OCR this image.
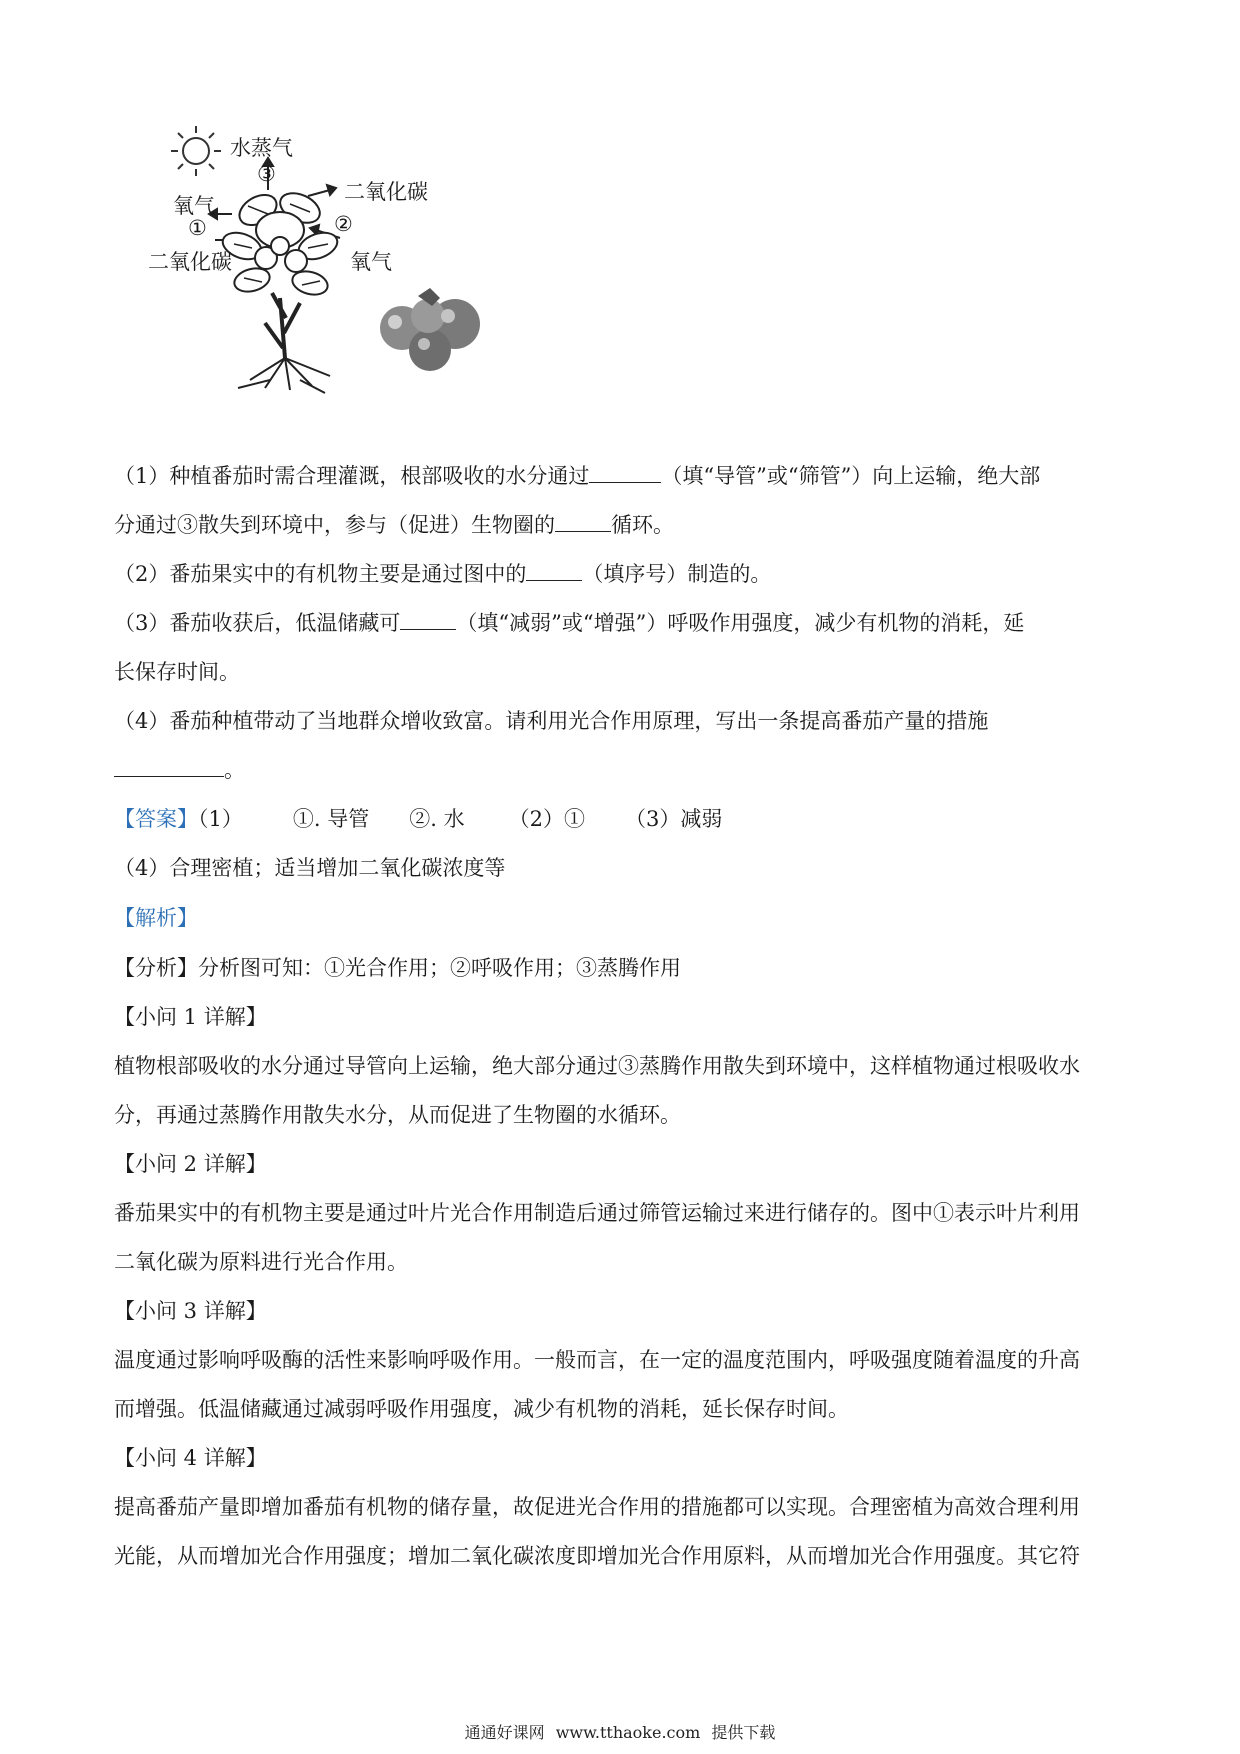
水蒸气
③
氧气
①
二氧化碳
二氧化碳
②
氧气
（1）种植番茄时需合理灌溉，根部吸收的水分通过	（填“导管”或“筛管”）向上运输，绝大部
分通过③散失到环境中，参与（促进）生物圈的	循环。
（2）番茄果实中的有机物主要是通过图中的	（填序号）制造的。
（3）番茄收获后，低温储藏可	（填“减弱”或“增强”）呼吸作用强度，减少有机物的消耗，延
长保存时间。
（4）番茄种植带动了当地群众增收致富。请利用光合作用原理，写出一条提高番茄产量的措施
。
【答案】（1） ①. 导管 ②. 水 （2）① （3）减弱
（4）合理密植；适当增加二氧化碳浓度等
【解析】
【分析】分析图可知：①光合作用；②呼吸作用；③蒸腾作用
【小问 1 详解】
植物根部吸收的水分通过导管向上运输，绝大部分通过③蒸腾作用散失到环境中，这样植物通过根吸收水
分，再通过蒸腾作用散失水分，从而促进了生物圈的水循环。
【小问 2 详解】
番茄果实中的有机物主要是通过叶片光合作用制造后通过筛管运输过来进行储存的。图中①表示叶片利用
二氧化碳为原料进行光合作用。
【小问 3 详解】
温度通过影响呼吸酶的活性来影响呼吸作用。一般而言，在一定的温度范围内，呼吸强度随着温度的升高
而增强。低温储藏通过减弱呼吸作用强度，减少有机物的消耗，延长保存时间。
【小问 4 详解】
提高番茄产量即增加番茄有机物的储存量，故促进光合作用的措施都可以实现。合理密植为高效合理利用
光能，从而增加光合作用强度；增加二氧化碳浓度即增加光合作用原料，从而增加光合作用强度。其它符
通通好课网 www.tthaoke.com 提供下载
